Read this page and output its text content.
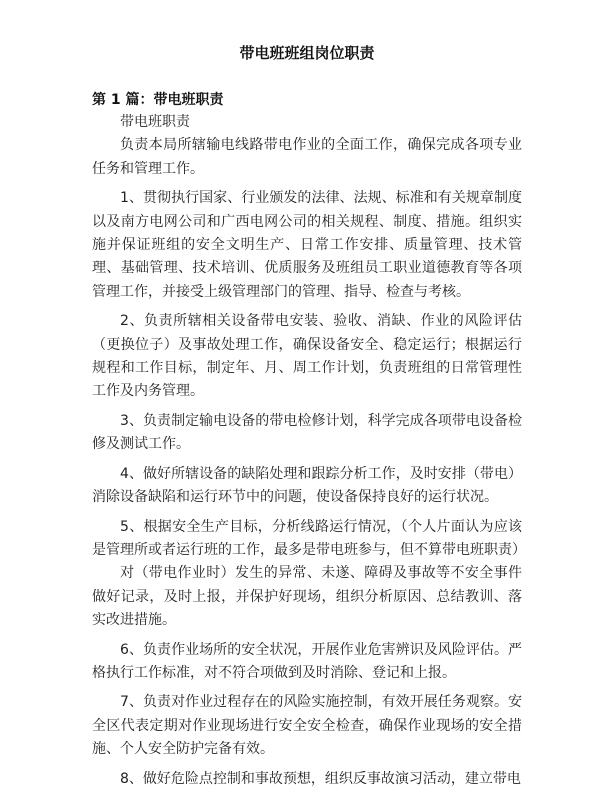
带电班班组岗位职责
第 1 篇：带电班职责

带电班职责

负责本局所辖输电线路带电作业的全面工作，确保完成各项专业任务和管理工作。

1、贯彻执行国家、行业颁发的法律、法规、标准和有关规章制度以及南方电网公司和广西电网公司的相关规程、制度、措施。组织实施并保证班组的安全文明生产、日常工作安排、质量管理、技术管理、基础管理、技术培训、优质服务及班组员工职业道德教育等各项管理工作，并接受上级管理部门的管理、指导、检查与考核。

2、负责所辖相关设备带电安装、验收、消缺、作业的风险评估（更换位子）及事故处理工作，确保设备安全、稳定运行；根据运行规程和工作目标，制定年、月、周工作计划，负责班组的日常管理性工作及内务管理。

3、负责制定输电设备的带电检修计划，科学完成各项带电设备检修及测试工作。

4、做好所辖设备的缺陷处理和跟踪分析工作，及时安排（带电）消除设备缺陷和运行环节中的问题，使设备保持良好的运行状况。

5、根据安全生产目标，分析线路运行情况，（个人片面认为应该是管理所或者运行班的工作，最多是带电班参与，但不算带电班职责）

对（带电作业时）发生的异常、未遂、障碍及事故等不安全事件做好记录，及时上报，并保护好现场，组织分析原因、总结教训、落实改进措施。

6、负责作业场所的安全状况，开展作业危害辨识及风险评估。严格执行工作标准，对不符合项做到及时消除、登记和上报。

7、负责对作业过程存在的风险实施控制，有效开展任务观察。安全区代表定期对作业现场进行安全安全检查，确保作业现场的安全措施、个人安全防护完备有效。

8、做好危险点控制和事故预想，组织反事故演习活动，建立带电
